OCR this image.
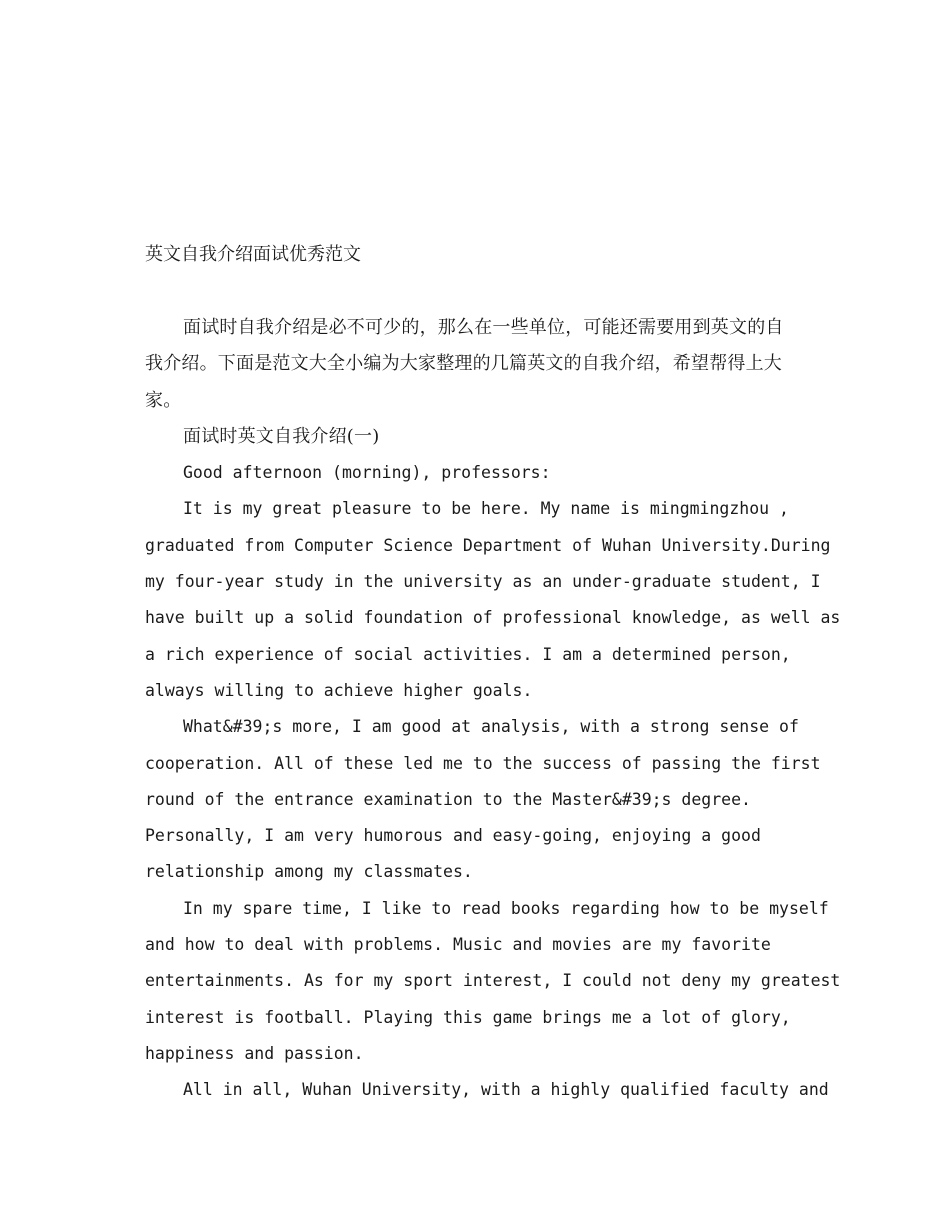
英文自我介绍面试优秀范文

面试时自我介绍是必不可少的，那么在一些单位，可能还需要用到英文的自
我介绍。下面是范文大全小编为大家整理的几篇英文的自我介绍，希望帮得上大
家。

面试时英文自我介绍(一)

Good afternoon (morning), professors:

It is my great pleasure to be here. My name is mingmingzhou ,
graduated from Computer Science Department of Wuhan University.During
my four-year study in the university as an under-graduate student, I
have built up a solid foundation of professional knowledge, as well as
a rich experience of social activities. I am a determined person,
always willing to achieve higher goals.

What&#39;s more, I am good at analysis, with a strong sense of
cooperation. All of these led me to the success of passing the first
round of the entrance examination to the Master&#39;s degree.
Personally, I am very humorous and easy-going, enjoying a good
relationship among my classmates.

In my spare time, I like to read books regarding how to be myself
and how to deal with problems. Music and movies are my favorite
entertainments. As for my sport interest, I could not deny my greatest
interest is football. Playing this game brings me a lot of glory,
happiness and passion.

All in all, Wuhan University, with a highly qualified faculty and
